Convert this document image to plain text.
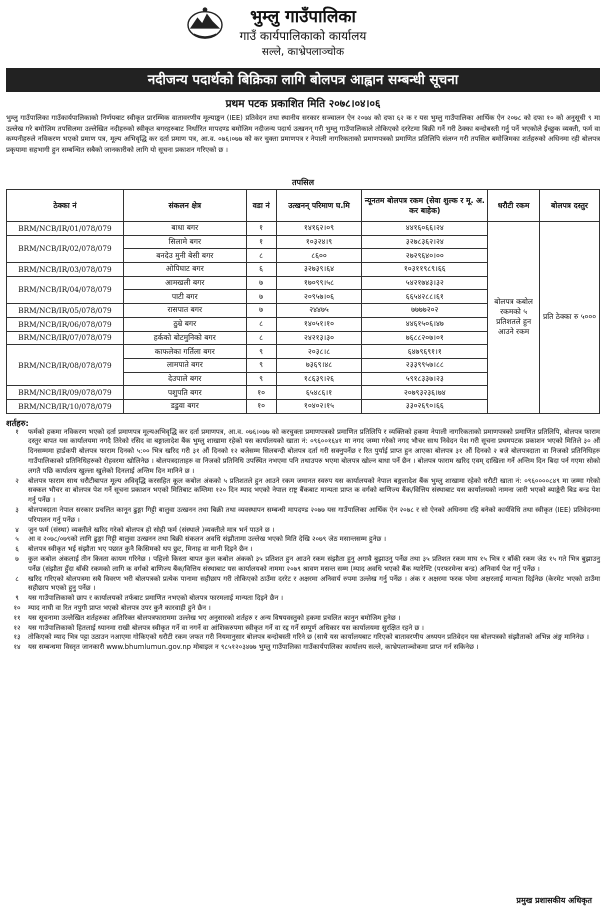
भुम्लु गाउँपालिका
गाउँ कार्यपालिकाको कार्यालय
सल्ले, काभ्रेपलाञ्चोक
नदीजन्य पदार्थको बिक्रिका लागि बोलपत्र आह्वान सम्बन्धी सूचना
प्रथम पटक प्रकाशित मिति २०७८।०४।०६
भुम्लु गाउँपालिका गाउँकार्यपालिकाको निर्णयबाट स्वीकृत प्रारम्भिक वातावरणीय मूल्याङ्कन (IEE) प्रतिवेदन तथा स्थानीय सरकार सञ्चालन ऐन २०७४ को दफा ६२ क र यस भुम्लु गाउँपालिका आर्थिक ऐन २०७८ को दफा १० को अनुसूची ९ मा उल्लेख गरे बमोजिम तपसिलमा उल्लेखित नदीहरुको स्वीकृत बगरहरुबाट निर्धारित मापदण्ड बमोजिम नदीजन्य पदार्थ उत्खनन् गरी भुम्लु गाउँपालिकाले तोकिएको दररेटमा बिक्री गर्ने गरी ठेक्का बन्दोबस्ती गर्नु पर्ने भएकोले ईच्छुक व्यक्ती, फर्म वा कम्पनीहरुले नविकरण भएको प्रमाण पत्र, मूल्य अभिवृद्धि कर दर्ता प्रमाण पत्र, आ.व. ०७६।०७७ को कर चुक्ता प्रमाणपत्र र नेपाली नागरिकताको प्रमाणपत्रको प्रमाणित प्रतिलिपि संलग्न गरी तपसिल बमोजिमका शर्तहरुको अधिनमा रही बोलपत्र प्रकृयामा सहभागी हुन सम्बन्धित सबैको जानकारीको लागि यो सूचना प्रकाशन गरिएको छ ।
तपसिल
ठेक्का नं	संकलन क्षेत्र	वडा नं	उत्खनन् परिमाण घ.मि	न्यूनतम बोलपत्र रकम (सेवा शुल्क र मू. अ. कर बाहेक)	धरौटी रकम	बोलपत्र दस्तुर
BRM/NCB/IR/01/078/079	बाधा बगर	१	१४१६२।०९	४४१६०६६।२४	बोलपत्र कबोल रकमको ५ प्रतिशतले हुन आउने रकम	प्रति ठेक्का रु ५०००
BRM/NCB/IR/02/078/079	सिलामे बगर	१	१०३२४।९	३२७८३६२।२४		
	बनदेउ मुनी बेसी बगर	८	८६००	२७२९६४०।००		
BRM/NCB/IR/03/078/079	ओपिघाट बगर	६	३२७३९।६४	१०३११९८९।६६		
BRM/NCB/IR/04/078/079	आमखली बगर	७	१७०९९।५८	५४२१७४३।३२		
	पाटी बगर	७	२०९५७।०६	६६५४२८८।६१		
BRM/NCB/IR/05/078/079	रासपात बगर	७	२४४७५	७७७७२०२		
BRM/NCB/IR/06/078/079	ठुम्रे बगर	८	१४०५१।१०	४४६१५०६।४७		
BRM/NCB/IR/07/078/079	हर्कको बोटमुनिको बगर	८	२४२१३।३०	७६८८२०७।०१		
BRM/NCB/IR/08/078/079	काफलेका गर्तिला बगर	९	२०३८।८	६४७९६९१।१		
	लामपाते बगर	९	७३६९।४८	२३३९९५७।८८		
	देउपाले बगर	९	१८६३९।२६	५९१८३३७।२३		
BRM/NCB/IR/09/078/079	पशुपति बगर	१०	६५४८६।१	२०७९३२३६।७४		
BRM/NCB/IR/10/078/079	डडुवा बगर	१०	१०४०२।१५	३३०२६९०।६६		
शर्तहरु:
१	फर्मको हकमा नविकरण भएको दर्ता प्रमाणपत्र मूल्यअभिवृद्धि कर दर्ता प्रमाणपत्र, आ.व. ०७६।०७७ को करचुक्ता प्रमाणपत्रको प्रमाणित प्रतिलिपि र व्यक्तिको हकमा नेपाली नागरिकताको प्रमाणपत्रको प्रमाणित प्रतिलिपि, बोलपत्र फाराम दस्तुर बापत यस कार्यालयमा नगदै तिरेको रसिद वा बङ्गालादेश बैंक भुम्लु शाखामा रहेको यस कार्यालयको खाता नं: ०९६००१६४१ मा नगद जम्मा गरेको नगद भौचर साथ निवेदन पेश गरी सूचना प्रथमपटक प्रकाशन भएको मितिले ३० औं दिनसम्ममा हार्डकपी बोलपत्र फाराम दिनको ५:०० भित्र खरिद गरी ३१ औं दिनको १२ बजेसम्म सिलबन्दी बोलपत्र दर्ता गरी सक्नुपर्नेछ र रित पुर्याई प्राप्त हुन आएका बोलपत्र ३१ औं दिनको २ बजे बोलपत्रदाता वा निजको प्रतिनिधिहरु गाउँपालिकाको प्रतिनिधिहरुको रोहवरमा खोलिनेछ । बोलपत्रदाताहरु वा निजको प्रतिनिधि उपस्थित नभएमा पनि तथाउपरु भएमा बोलपत्र खोल्न बाधा पर्ने छैन । बोलपत्र फाराम खरिद एवम् दाखिला गर्ने अन्तिम दिन बिदा पर्न गएमा सोको लगतै पछि कार्यालय खुल्ला खुलेको दिनलाई अन्तिम दिन मानिने छ ।
२	बोलपत्र फाराम साथ धरौटीबापत मूल्य अविवृद्धि करसहित कूल कबोल अंकको ५ प्रतिशतले हुन आउने रकम जमानत स्वरुप यस कार्यालयको नेपाल बङ्गलादेश बैंक भुम्लु शाखामा रहेको धरौटी खाता नं: ०९६००००८४९ मा जम्मा गरेको सक्कल भौचर वा बोलपत्र पेश गर्ने सूचना प्रकाशन भएको मितिबाट कम्तिमा १२० दिन म्याद भएको नेपाल राष्ट्र बैंकबाट मान्यता प्राप्त क वर्गको बाणिज्य बैंक/वित्तिय संस्थाबाट यस कार्यालयको नामना जारी भएको ब्याङ्केरी बिड बन्ड पेश गर्नु पर्नेछ ।
३	बोलपत्रदाता नेपाल सरकार प्रचलित कानून ढुङ्गा गिट्टी बालुवा उत्खनन तथा बिक्री तथा व्यवस्थापन सम्बन्धी मापदण्ड २०७७ यस गाउँपालिका आर्थिक ऐन २०७८ र सो ऐनको अधिनमा रहि बनेको कार्यविधि तथा स्वीकृत (IEE) प्रतिवेदनमा परिपालन गर्नु पर्नेछ ।
४	जुन फर्म (संस्था) व्यक्तीले खरिद गरेको बोलपत्र हो सोही फर्म (संस्थाले )व्यक्तीले मात्र भर्न पाउने छ ।
५	आ व २०७८/०७९को लागि ढुङ्गा गिट्टी बालुवा उत्खनन तथा बिक्री संकलन अवधि संझौतामा उल्लेख भएको मिति देखि २०७९ जेठ मसान्तसम्म हुनेछ ।
६	बोलपत्र स्वीकृत भई संझौता भए पछात कुनै किसिमको थप छुट, मिनाह वा मानी दिइने छैन ।
७	कुल कबोल अंकलाई तीन किस्ता कायम गरिनेछ । पहिलो किस्ता बापत कुल कबोल अंकको ३५ प्रतिशत हुन आउने रकम संझौता हुनु अगावै बुझाउनु पर्नेछ तथा ३५ प्रतिशत रकम माघ १५ भित्र र बाँकी रकम जेठ १५ गते भित्र बुझाउनु पर्नेछ (संझौता हुँदा बाँकी रकमको लागि क वर्गको बाणिज्य बैंक/वित्तिय संस्थाबाट यस कार्यालयको नाममा २०७९ श्रावण मसन्त सम्म (म्याद अवधि भएको बैंक ग्यारेण्टि (परफरमेन्स बन्ड) अनिवार्य पेश गर्नु पर्नेछ ।
८	खरिद गरिएको बोलपत्रमा सबै विवरण भरी बोलपत्रको प्रत्येक पानामा सहीछाप गरी तोकिएको ठाउँमा दररेट र अक्षरमा अनिवार्य रुपमा उल्लेख गर्नु पर्नेछ । अंक र अक्षरमा फरक परेमा अक्षरलाई मान्यता दिईनेछ (केरमेट भएको ठाउँमा सहीछाप भएको हुनु पर्नेछ ।
९	यस गाउँपालिकाको छाप र कार्यालयको तर्फबाट प्रमाणित नभएको बोलपत्र फारमलाई मान्यता दिइने छैन ।
१०	म्याद नाघी वा रित नपुगी प्राप्त भएको बोलपत्र उपर कुनै कारवाही हुने छैन ।
११	यस सूचनामा उल्लेखित शर्तहरुका अतिरिक्त बोलपत्रफाराममा उल्लेख भए अनुसारको शर्तहरु र अन्य विषयवस्तुको हकमा प्रचलित कानुन बमोजिम हुनेछ ।
१२	यस गाउँपालिकाको हितलाई ध्यानमा राखी बोलपत्र स्वीकृत गर्ने वा नगर्ने वा आंशिकरुपमा स्वीकृत गर्ने वा रद्द गर्ने सम्पूर्ण अधिकार यस कार्यालयमा सुरक्षित रहने छ ।
१३	तोकिएको म्याद भित्र पट्टा उठाउन नआएमा गोकिएको धरौटी रकम जफत गरी नियमानुसार बोलपत्र बन्दोबस्ती गरिने छ (साथै यस कार्यालयबाट गरिएको बातावरणीय अध्ययन प्रतिवेदन यस बोलपत्रको संझौताको अभिन्न अंङ्ग मानिनेछ ।
१४	यस सम्बन्धमा विस्तृत जानकारी www.bhumlumun.gov.np मोबाइल न ९८५१२०३४७७ भुम्लु गाउँपालिका गाउँकार्यपालिका कार्यालय सल्ले, काभ्रेपलाञ्चोकमा प्राप्त गर्न सकिनेछ ।
प्रमुख प्रशासकीय अधिकृत
